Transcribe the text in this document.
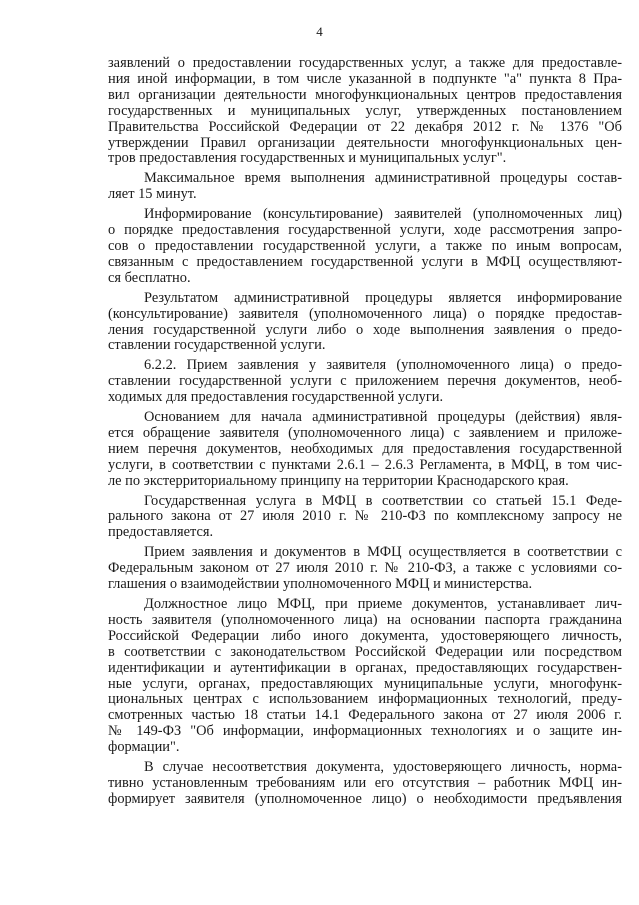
4
заявлений о предоставлении государственных услуг, а также для предоставле-
ния иной информации, в том числе указанной в подпункте "а" пункта 8 Пра-
вил организации деятельности многофункциональных центров предоставления
государственных и муниципальных услуг, утвержденных постановлением
Правительства Российской Федерации от 22 декабря 2012 г. № 1376 "Об
утверждении Правил организации деятельности многофункциональных цен-
тров предоставления государственных и муниципальных услуг".
Максимальное время выполнения административной процедуры состав-
ляет 15 минут.
Информирование (консультирование) заявителей (уполномоченных лиц)
о порядке предоставления государственной услуги, ходе рассмотрения запро-
сов о предоставлении государственной услуги, а также по иным вопросам,
связанным с предоставлением государственной услуги в МФЦ осуществляют-
ся бесплатно.
Результатом административной процедуры является информирование
(консультирование) заявителя (уполномоченного лица) о порядке предостав-
ления государственной услуги либо о ходе выполнения заявления о предо-
ставлении государственной услуги.
6.2.2. Прием заявления у заявителя (уполномоченного лица) о предо-
ставлении государственной услуги с приложением перечня документов, необ-
ходимых для предоставления государственной услуги.
Основанием для начала административной процедуры (действия) явля-
ется обращение заявителя (уполномоченного лица) с заявлением и приложе-
нием перечня документов, необходимых для предоставления государственной
услуги, в соответствии с пунктами 2.6.1 – 2.6.3 Регламента, в МФЦ, в том чис-
ле по экстерриториальному принципу на территории Краснодарского края.
Государственная услуга в МФЦ в соответствии со статьей 15.1 Феде-
рального закона от 27 июля 2010 г. № 210-ФЗ по комплексному запросу не
предоставляется.
Прием заявления и документов в МФЦ осуществляется в соответствии с
Федеральным законом от 27 июля 2010 г. № 210-ФЗ, а также с условиями со-
глашения о взаимодействии уполномоченного МФЦ и министерства.
Должностное лицо МФЦ, при приеме документов, устанавливает лич-
ность заявителя (уполномоченного лица) на основании паспорта гражданина
Российской Федерации либо иного документа, удостоверяющего личность,
в соответствии с законодательством Российской Федерации или посредством
идентификации и аутентификации в органах, предоставляющих государствен-
ные услуги, органах, предоставляющих муниципальные услуги, многофунк-
циональных центрах с использованием информационных технологий, преду-
смотренных частью 18 статьи 14.1 Федерального закона от 27 июля 2006 г.
№ 149-ФЗ "Об информации, информационных технологиях и о защите ин-
формации".
В случае несоответствия документа, удостоверяющего личность, норма-
тивно установленным требованиям или его отсутствия – работник МФЦ ин-
формирует заявителя (уполномоченное лицо) о необходимости предъявления
